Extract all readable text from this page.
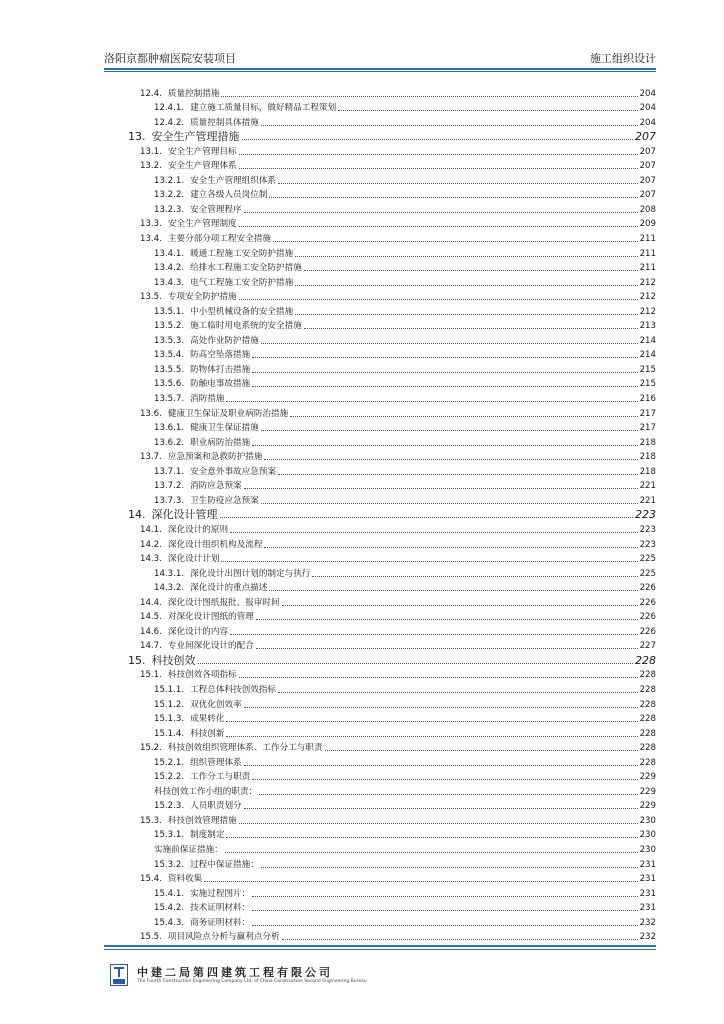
洛阳京都肿瘤医院安装项目	施工组织设计
12.4. 质量控制措施	204
12.4.1. 建立施工质量目标，做好精品工程策划	204
12.4.2. 质量控制具体措施	204
13. 安全生产管理措施	207
13.1. 安全生产管理目标	207
13.2. 安全生产管理体系	207
13.2.1. 安全生产管理组织体系	207
13.2.2. 建立各级人员岗位制	207
13.2.3. 安全管理程序	208
13.3. 安全生产管理制度	209
13.4. 主要分部分项工程安全措施	211
13.4.1. 暖通工程施工安全防护措施	211
13.4.2. 给排水工程施工安全防护措施	211
13.4.3. 电气工程施工安全防护措施	212
13.5. 专项安全防护措施	212
13.5.1. 中小型机械设备的安全措施	212
13.5.2. 施工临时用电系统的安全措施	213
13.5.3. 高处作业防护措施	214
13.5.4. 防高空坠落措施	214
13.5.5. 防物体打击措施	215
13.5.6. 防触电事故措施	215
13.5.7. 消防措施	216
13.6. 健康卫生保证及职业病防治措施	217
13.6.1. 健康卫生保证措施	217
13.6.2. 职业病防治措施	218
13.7. 应急预案和急救防护措施	218
13.7.1. 安全意外事故应急预案	218
13.7.2. 消防应急预案	221
13.7.3. 卫生防疫应急预案	221
14. 深化设计管理	223
14.1. 深化设计的原则	223
14.2. 深化设计组织机构及流程	223
14.3. 深化设计计划	225
14.3.1. 深化设计出图计划的制定与执行	225
14.3.2. 深化设计的重点描述	226
14.4. 深化设计图纸报批、报审时间	226
14.5. 对深化设计图纸的管理	226
14.6. 深化设计的内容	226
14.7. 专业间深化设计的配合	227
15. 科技创效	228
15.1. 科技创效各项指标	228
15.1.1. 工程总体科技创效指标	228
15.1.2. 双优化创效率	228
15.1.3. 成果转化	228
15.1.4. 科技创新	228
15.2. 科技创效组织管理体系、工作分工与职责	228
15.2.1. 组织管理体系	228
15.2.2. 工作分工与职责	229
科技创效工作小组的职责：	229
15.2.3. 人员职责划分	229
15.3. 科技创效管理措施	230
15.3.1. 制度制定	230
实施前保证措施：	230
15.3.2. 过程中保证措施：	231
15.4. 资料收集	231
15.4.1. 实施过程图片：	231
15.4.2. 技术证明材料：	231
15.4.3. 商务证明材料：	232
15.5. 项目风险点分析与赢利点分析	232
中建二局第四建筑工程有限公司
The Fourth Construction Engineering Company Ltd. of China Construction Second Engineering Bureau
